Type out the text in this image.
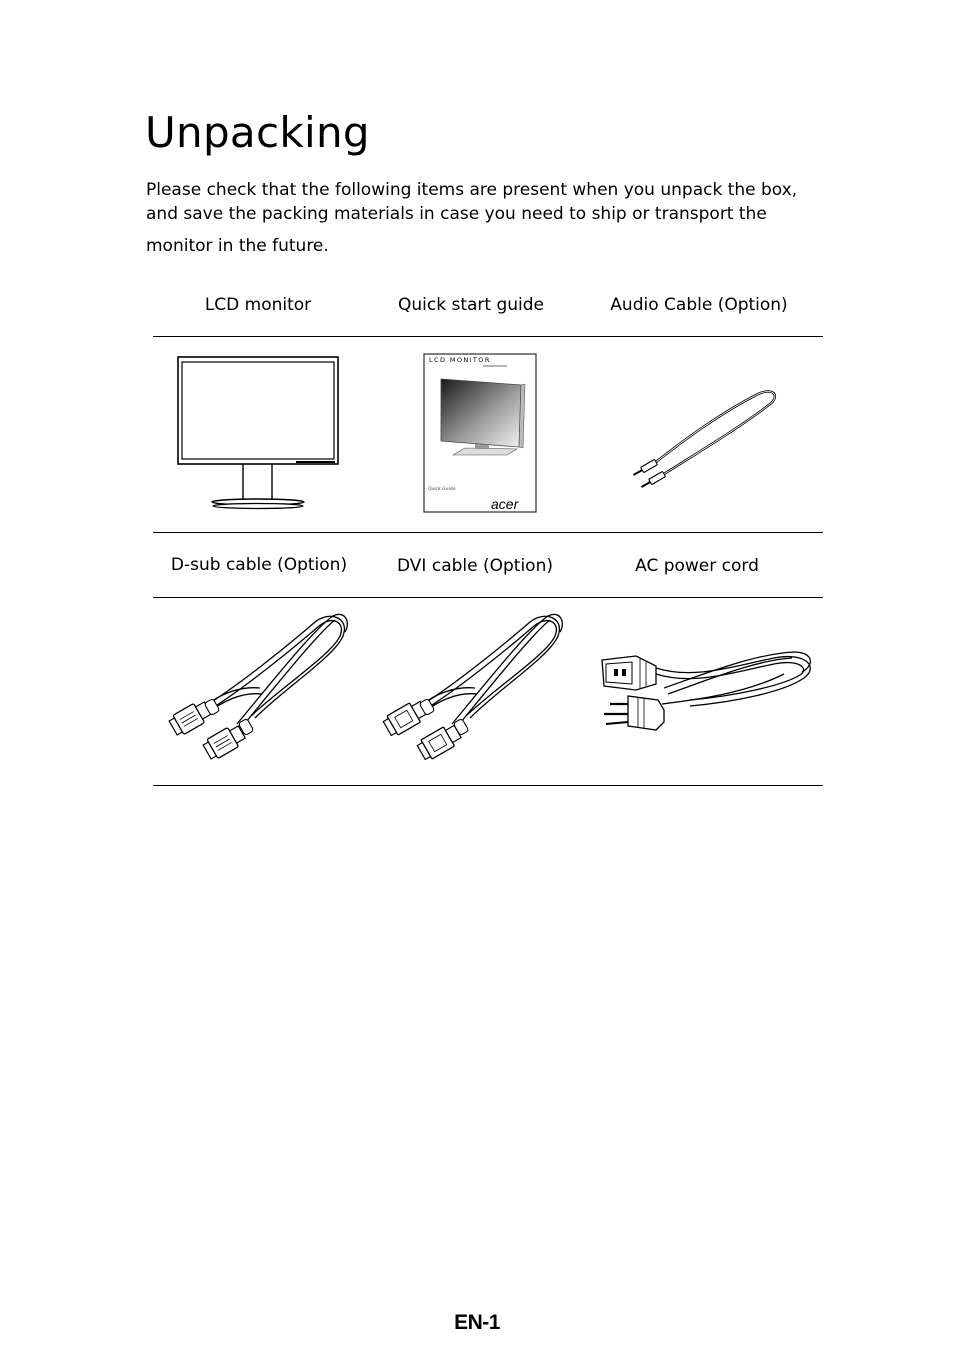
Unpacking

Please check that the following items are present when you unpack the box,
and save the packing materials in case you need to ship or transport the
monitor in the future.

LCD monitor	Quick start guide	Audio Cable (Option)
LCD MONITOR
Quick Guide
acer
D-sub cable (Option)	DVI cable (Option)	AC power cord
EN-1
